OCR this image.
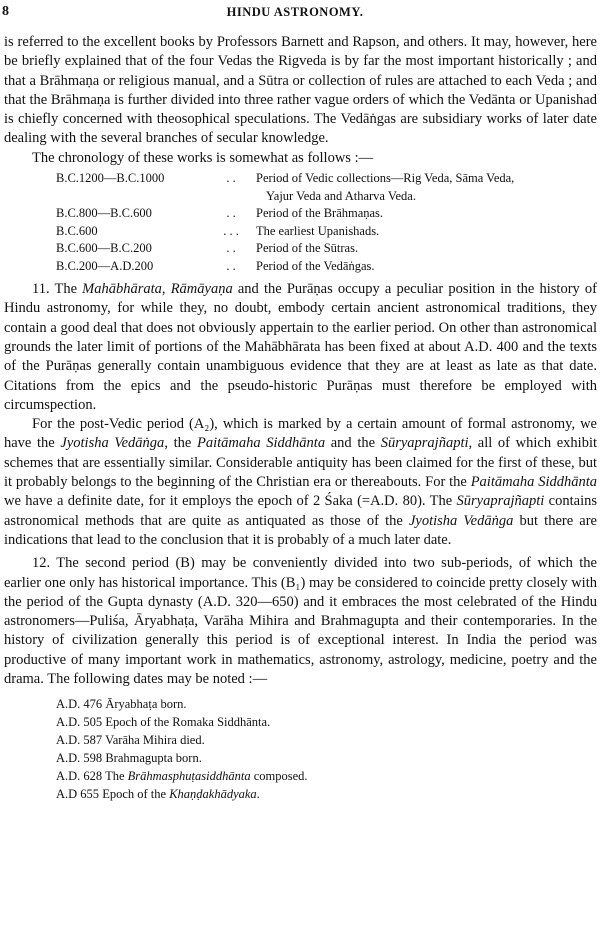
8	HINDU ASTRONOMY.

is referred to the excellent books by Professors Barnett and Rapson, and others. It may, however, here be briefly explained that of the four Vedas the Rigveda is by far the most important historically ; and that a Brāhmaṇa or religious manual, and a Sūtra or collection of rules are attached to each Veda ; and that the Brāhmaṇa is further divided into three rather vague orders of which the Vedānta or Upanishad is chiefly concerned with theosophical speculations. The Vedāṅgas are subsidiary works of later date dealing with the several branches of secular knowledge.

The chronology of these works is somewhat as follows :—

B.C.1200—B.C.1000	. .	Period of Vedic collections—Rig Veda, Sāma Veda,
Yajur Veda and Atharva Veda.
B.C.800—B.C.600	. .	Period of the Brāhmaṇas.
B.C.600	. . .	The earliest Upanishads.
B.C.600—B.C.200	. .	Period of the Sūtras.
B.C.200—A.D.200	. .	Period of the Vedāṅgas.

11. The Mahābhārata, Rāmāyaṇa and the Purāṇas occupy a peculiar position in the history of Hindu astronomy, for while they, no doubt, embody certain ancient astronomical traditions, they contain a good deal that does not obviously appertain to the earlier period. On other than astronomical grounds the later limit of portions of the Mahābhārata has been fixed at about A.D. 400 and the texts of the Purāṇas generally contain unambiguous evidence that they are at least as late as that date. Citations from the epics and the pseudo-historic Purāṇas must therefore be employed with circumspection.

For the post-Vedic period (A₂), which is marked by a certain amount of formal astronomy, we have the Jyotisha Vedāṅga, the Paitāmaha Siddhānta and the Sūryaprajñapti, all of which exhibit schemes that are essentially similar. Considerable antiquity has been claimed for the first of these, but it probably belongs to the beginning of the Christian era or thereabouts. For the Paitāmaha Siddhānta we have a definite date, for it employs the epoch of 2 Śaka (=A.D. 80). The Sūryaprajñapti contains astronomical methods that are quite as antiquated as those of the Jyotisha Vedāṅga but there are indications that lead to the conclusion that it is probably of a much later date.

12. The second period (B) may be conveniently divided into two sub-periods, of which the earlier one only has historical importance. This (B₁) may be considered to coincide pretty closely with the period of the Gupta dynasty (A.D. 320—650) and it embraces the most celebrated of the Hindu astronomers—Puliśa, Āryabhaṭa, Varāha Mihira and Brahmagupta and their contemporaries. In the history of civilization generally this period is of exceptional interest. In India the period was productive of many important work in mathematics, astronomy, astrology, medicine, poetry and the drama. The following dates may be noted :—

A.D. 476 Āryabhaṭa born.
A.D. 505 Epoch of the Romaka Siddhānta.
A.D. 587 Varāha Mihira died.
A.D. 598 Brahmagupta born.
A.D. 628 The Brāhmasphuṭasiddhānta composed.
A.D 655 Epoch of the Khaṇḍakhādyaka.
